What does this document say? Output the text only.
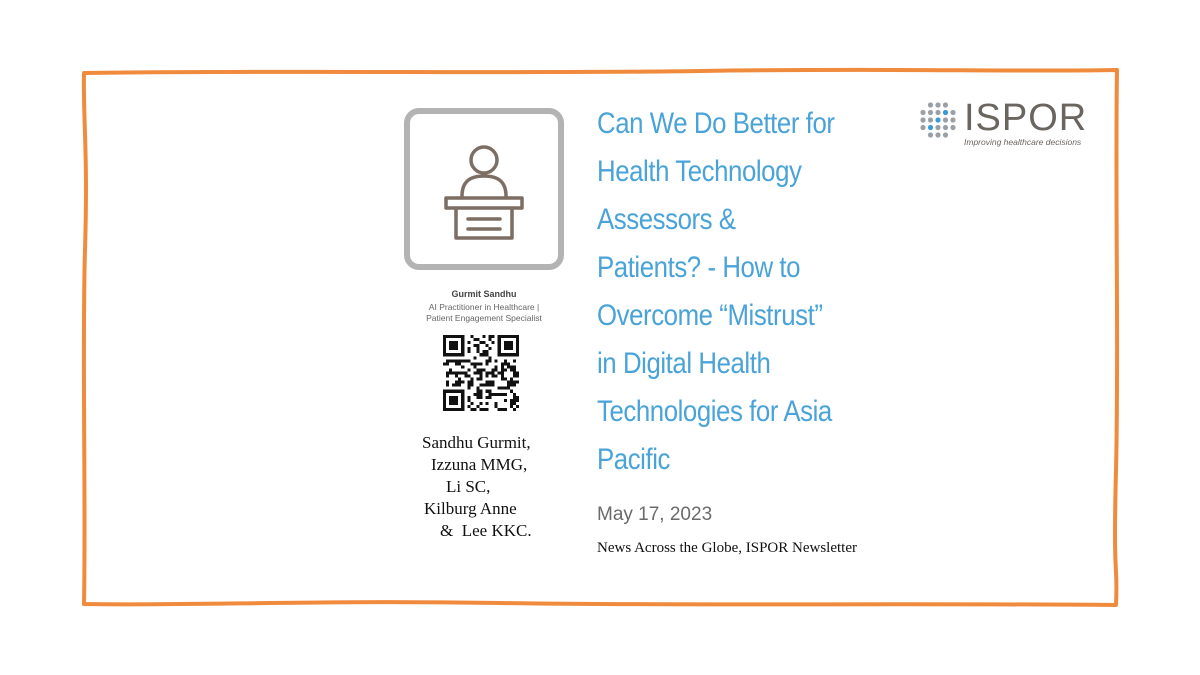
Gurmit Sandhu
AI Practitioner in Healthcare |
Patient Engagement Specialist
Sandhu Gurmit,
Izzuna MMG,
Li SC,
Kilburg Anne
&  Lee KKC.
Can We Do Better for
Health Technology
Assessors &
Patients? - How to
Overcome “Mistrust”
in Digital Health
Technologies for Asia
Pacific
May 17, 2023
News Across the Globe, ISPOR Newsletter
ISPOR
Improving healthcare decisions
